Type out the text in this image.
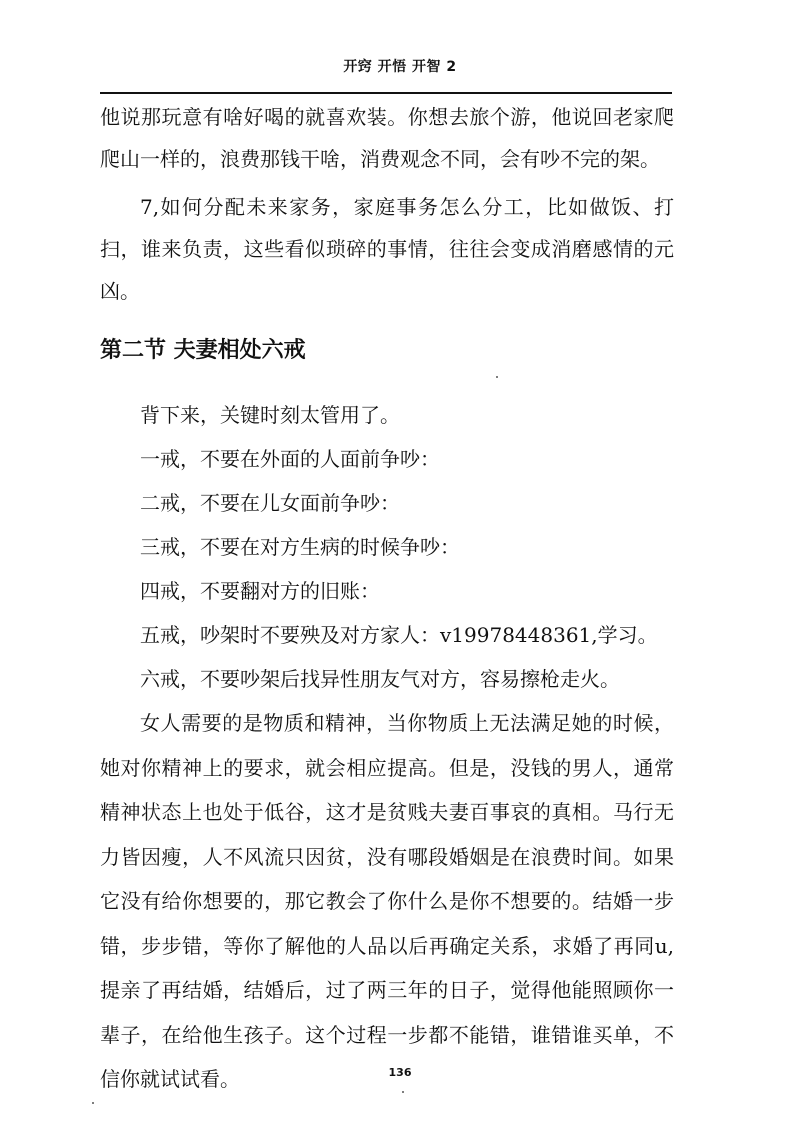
开窍 开悟 开智 2

他说那玩意有啥好喝的就喜欢装。你想去旅个游，他说回老家爬爬山一样的，浪费那钱干啥，消费观念不同，会有吵不完的架。

7,如何分配未来家务，家庭事务怎么分工，比如做饭、打扫，谁来负责，这些看似琐碎的事情，往往会变成消磨感情的元凶。

第二节 夫妻相处六戒

背下来，关键时刻太管用了。

一戒，不要在外面的人面前争吵：

二戒，不要在儿女面前争吵：

三戒，不要在对方生病的时候争吵：

四戒，不要翻对方的旧账：

五戒，吵架时不要殃及对方家人：v19978448361,学习。

六戒，不要吵架后找异性朋友气对方，容易擦枪走火。

女人需要的是物质和精神，当你物质上无法满足她的时候，她对你精神上的要求，就会相应提高。但是，没钱的男人，通常精神状态上也处于低谷，这才是贫贱夫妻百事哀的真相。马行无力皆因瘦，人不风流只因贫，没有哪段婚姻是在浪费时间。如果它没有给你想要的，那它教会了你什么是你不想要的。结婚一步错，步步错，等你了解他的人品以后再确定关系，求婚了再同u,提亲了再结婚，结婚后，过了两三年的日子，觉得他能照顾你一辈子，在给他生孩子。这个过程一步都不能错，谁错谁买单，不信你就试试看。	136
